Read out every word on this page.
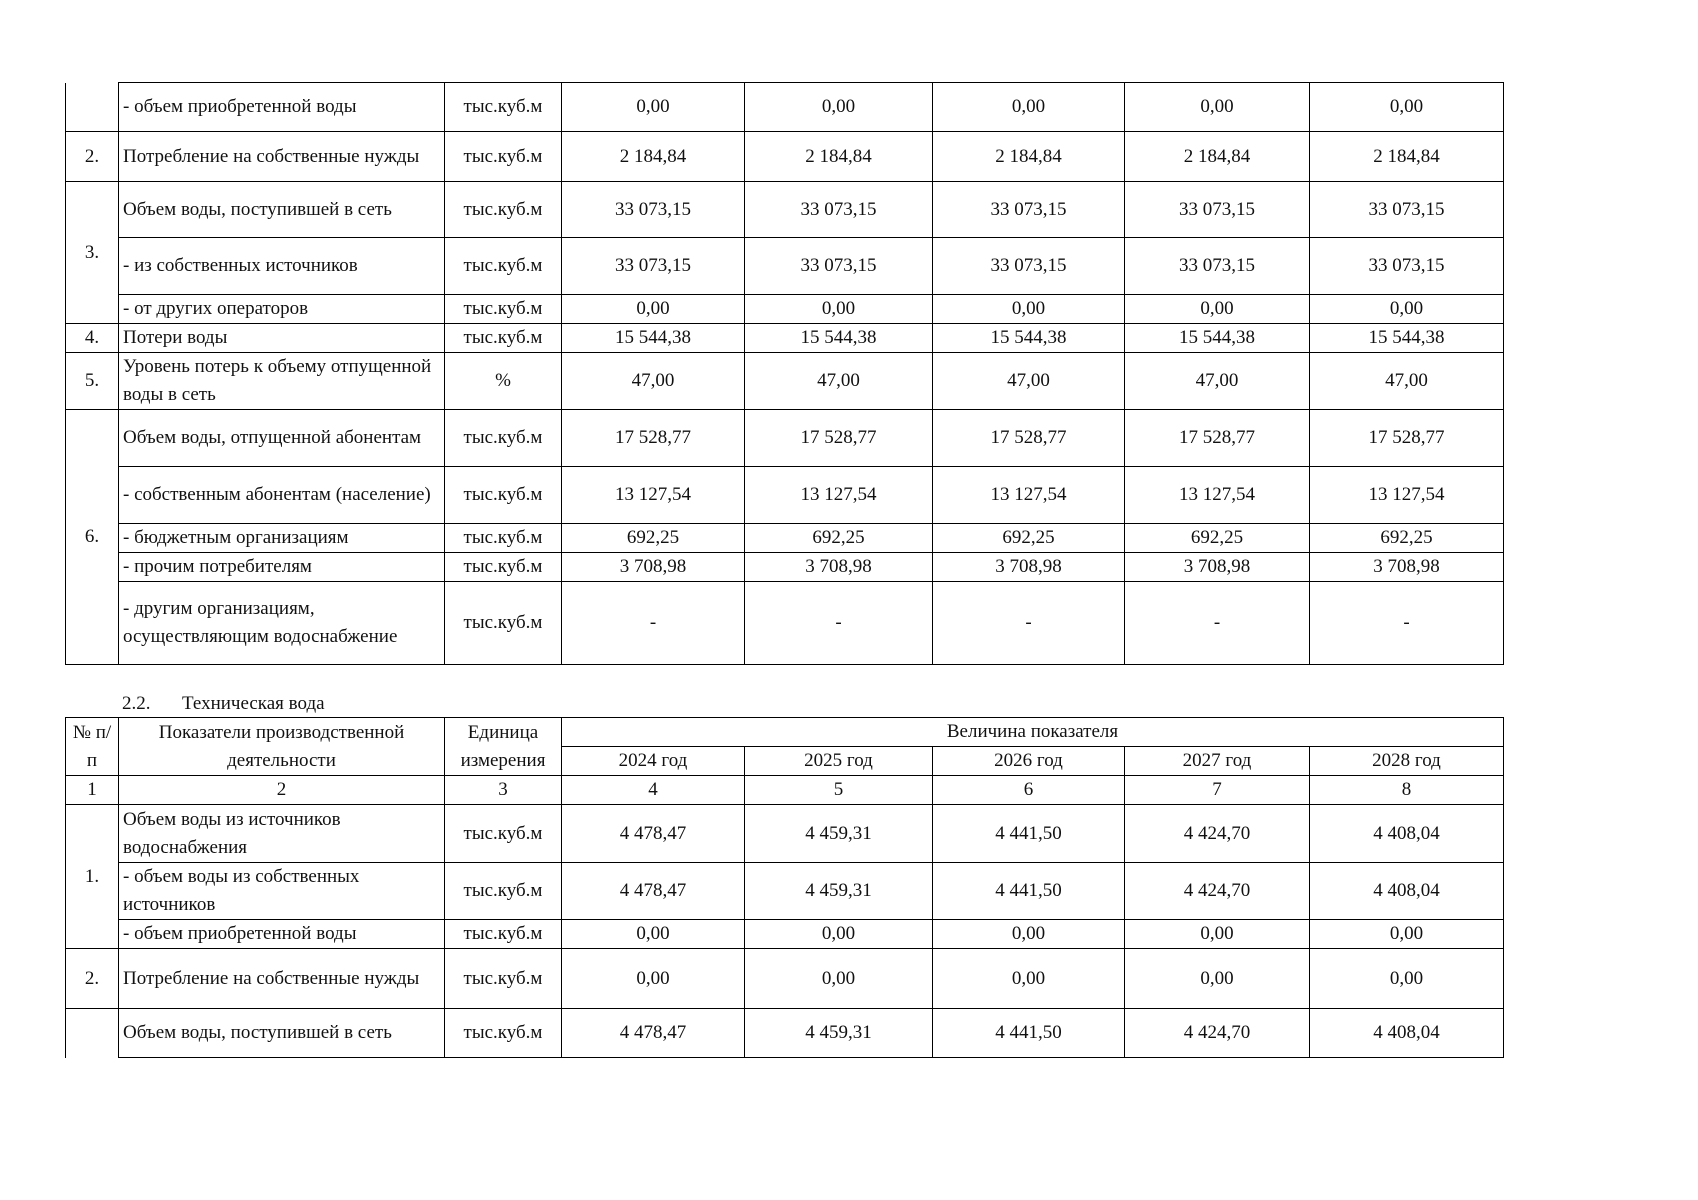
	- объем приобретенной воды	тыс.куб.м	0,00	0,00	0,00	0,00	0,00
2.	Потребление на собственные нужды	тыс.куб.м	2 184,84	2 184,84	2 184,84	2 184,84	2 184,84
3.	Объем воды, поступившей в сеть	тыс.куб.м	33 073,15	33 073,15	33 073,15	33 073,15	33 073,15
	- из собственных источников	тыс.куб.м	33 073,15	33 073,15	33 073,15	33 073,15	33 073,15
	- от других операторов	тыс.куб.м	0,00	0,00	0,00	0,00	0,00
4.	Потери воды	тыс.куб.м	15 544,38	15 544,38	15 544,38	15 544,38	15 544,38
5.	Уровень потерь к объему отпущенной воды в сеть	%	47,00	47,00	47,00	47,00	47,00
6.	Объем воды, отпущенной абонентам	тыс.куб.м	17 528,77	17 528,77	17 528,77	17 528,77	17 528,77
	- собственным абонентам (население)	тыс.куб.м	13 127,54	13 127,54	13 127,54	13 127,54	13 127,54
	- бюджетным организациям	тыс.куб.м	692,25	692,25	692,25	692,25	692,25
	- прочим потребителям	тыс.куб.м	3 708,98	3 708,98	3 708,98	3 708,98	3 708,98
	- другим организациям, осуществляющим водоснабжение	тыс.куб.м	-	-	-	-	-
2.2. Техническая вода
№ п/п	Показатели производственной деятельности	Единица измерения	Величина показателя				
			2024 год	2025 год	2026 год	2027 год	2028 год
1	2	3	4	5	6	7	8
1.	Объем воды из источников водоснабжения	тыс.куб.м	4 478,47	4 459,31	4 441,50	4 424,70	4 408,04
	- объем воды из собственных источников	тыс.куб.м	4 478,47	4 459,31	4 441,50	4 424,70	4 408,04
	- объем приобретенной воды	тыс.куб.м	0,00	0,00	0,00	0,00	0,00
2.	Потребление на собственные нужды	тыс.куб.м	0,00	0,00	0,00	0,00	0,00
	Объем воды, поступившей в сеть	тыс.куб.м	4 478,47	4 459,31	4 441,50	4 424,70	4 408,04
